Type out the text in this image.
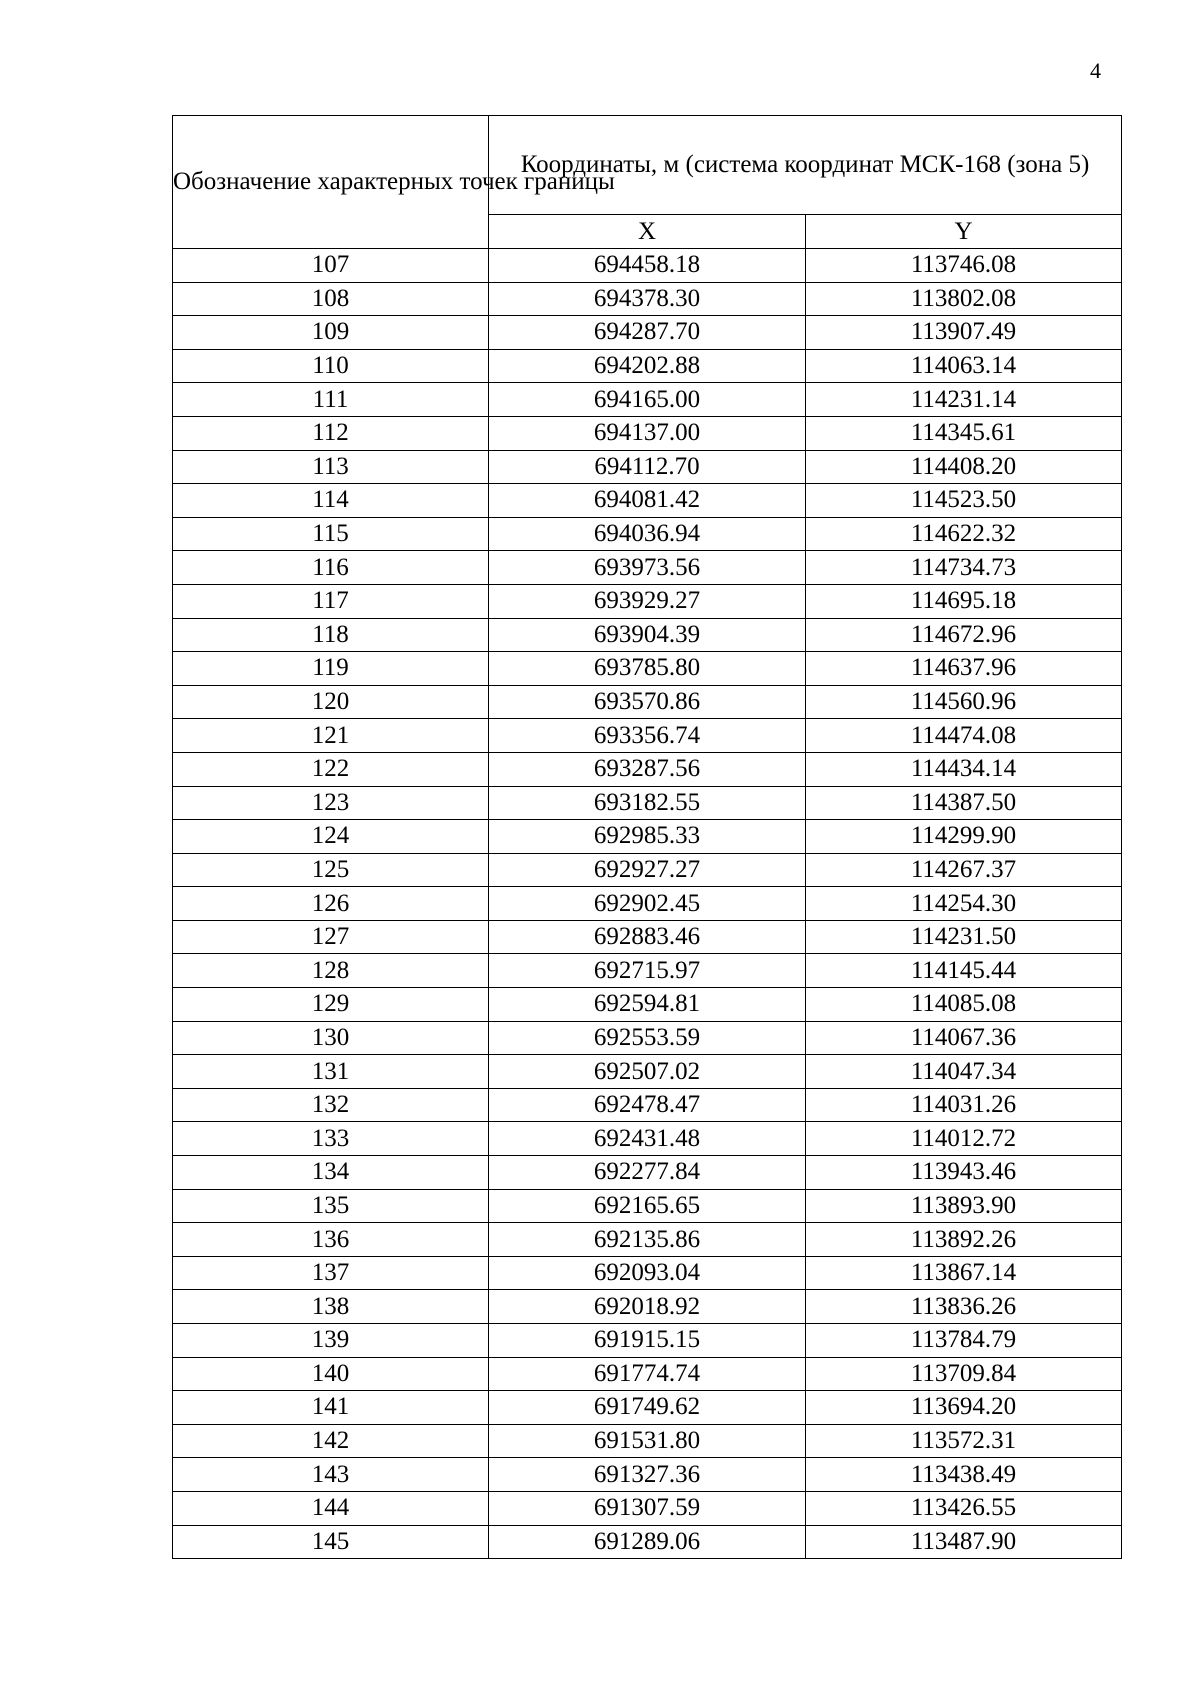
4
Обозначение характерных точек границы	Координаты, м (система координат МСК-168 (зона 5)	
	X	Y
107	694458.18	113746.08
108	694378.30	113802.08
109	694287.70	113907.49
110	694202.88	114063.14
111	694165.00	114231.14
112	694137.00	114345.61
113	694112.70	114408.20
114	694081.42	114523.50
115	694036.94	114622.32
116	693973.56	114734.73
117	693929.27	114695.18
118	693904.39	114672.96
119	693785.80	114637.96
120	693570.86	114560.96
121	693356.74	114474.08
122	693287.56	114434.14
123	693182.55	114387.50
124	692985.33	114299.90
125	692927.27	114267.37
126	692902.45	114254.30
127	692883.46	114231.50
128	692715.97	114145.44
129	692594.81	114085.08
130	692553.59	114067.36
131	692507.02	114047.34
132	692478.47	114031.26
133	692431.48	114012.72
134	692277.84	113943.46
135	692165.65	113893.90
136	692135.86	113892.26
137	692093.04	113867.14
138	692018.92	113836.26
139	691915.15	113784.79
140	691774.74	113709.84
141	691749.62	113694.20
142	691531.80	113572.31
143	691327.36	113438.49
144	691307.59	113426.55
145	691289.06	113487.90
